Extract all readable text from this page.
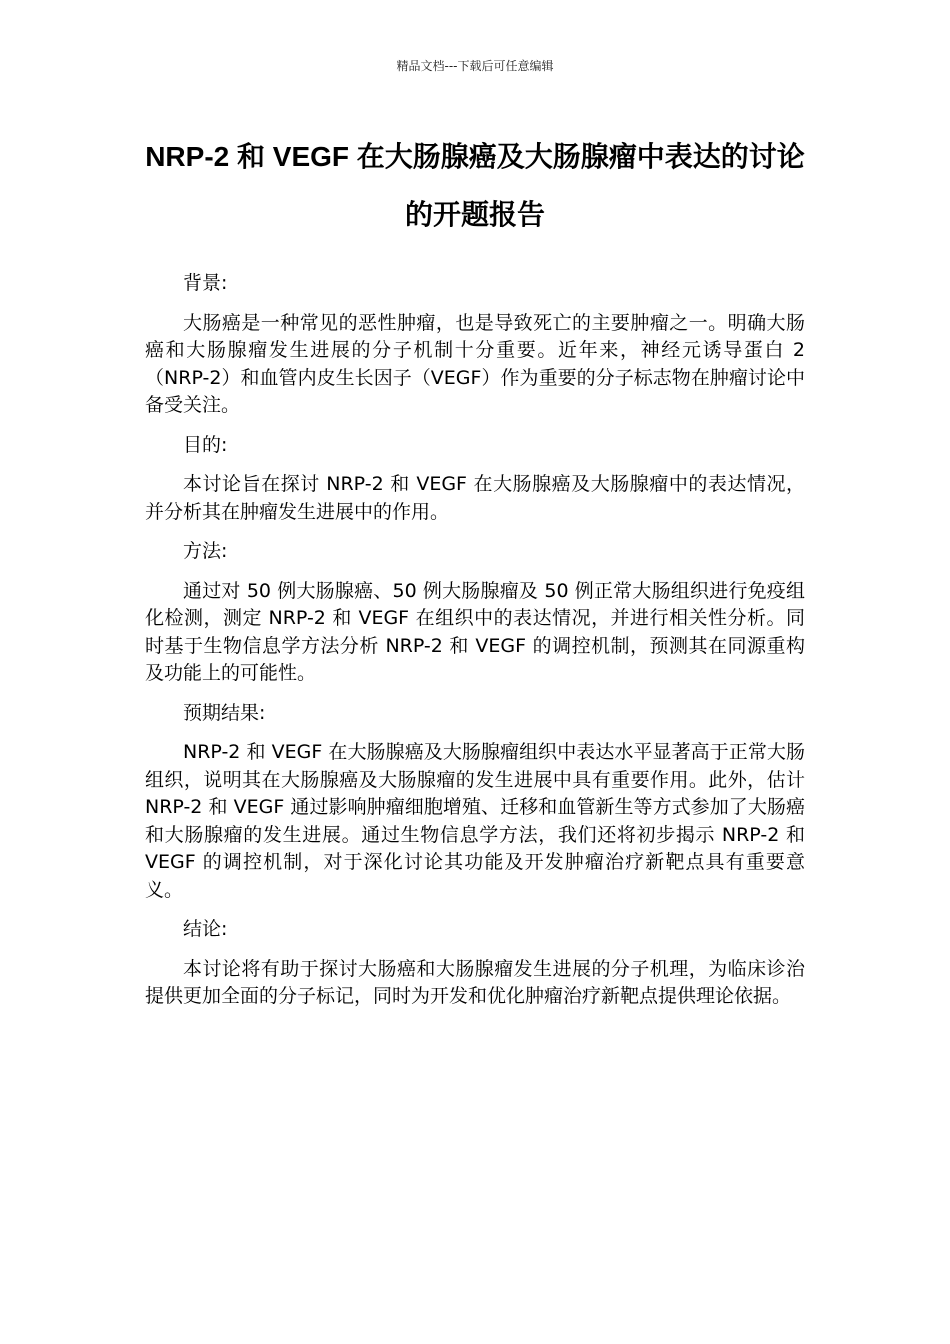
精品文档---下载后可任意编辑
NRP-2 和 VEGF 在大肠腺癌及大肠腺瘤中表达的讨论的开题报告

背景:

大肠癌是一种常见的恶性肿瘤，也是导致死亡的主要肿瘤之一。明确大肠癌和大肠腺瘤发生进展的分子机制十分重要。近年来，神经元诱导蛋白 2（NRP-2）和血管内皮生长因子（VEGF）作为重要的分子标志物在肿瘤讨论中备受关注。

目的:

本讨论旨在探讨 NRP-2 和 VEGF 在大肠腺癌及大肠腺瘤中的表达情况，并分析其在肿瘤发生进展中的作用。

方法:

通过对 50 例大肠腺癌、50 例大肠腺瘤及 50 例正常大肠组织进行免疫组化检测，测定 NRP-2 和 VEGF 在组织中的表达情况，并进行相关性分析。同时基于生物信息学方法分析 NRP-2 和 VEGF 的调控机制，预测其在同源重构及功能上的可能性。

预期结果:

NRP-2 和 VEGF 在大肠腺癌及大肠腺瘤组织中表达水平显著高于正常大肠组织，说明其在大肠腺癌及大肠腺瘤的发生进展中具有重要作用。此外，估计 NRP-2 和 VEGF 通过影响肿瘤细胞增殖、迁移和血管新生等方式参加了大肠癌和大肠腺瘤的发生进展。通过生物信息学方法，我们还将初步揭示 NRP-2 和 VEGF 的调控机制，对于深化讨论其功能及开发肿瘤治疗新靶点具有重要意义。

结论:

本讨论将有助于探讨大肠癌和大肠腺瘤发生进展的分子机理，为临床诊治提供更加全面的分子标记，同时为开发和优化肿瘤治疗新靶点提供理论依据。
